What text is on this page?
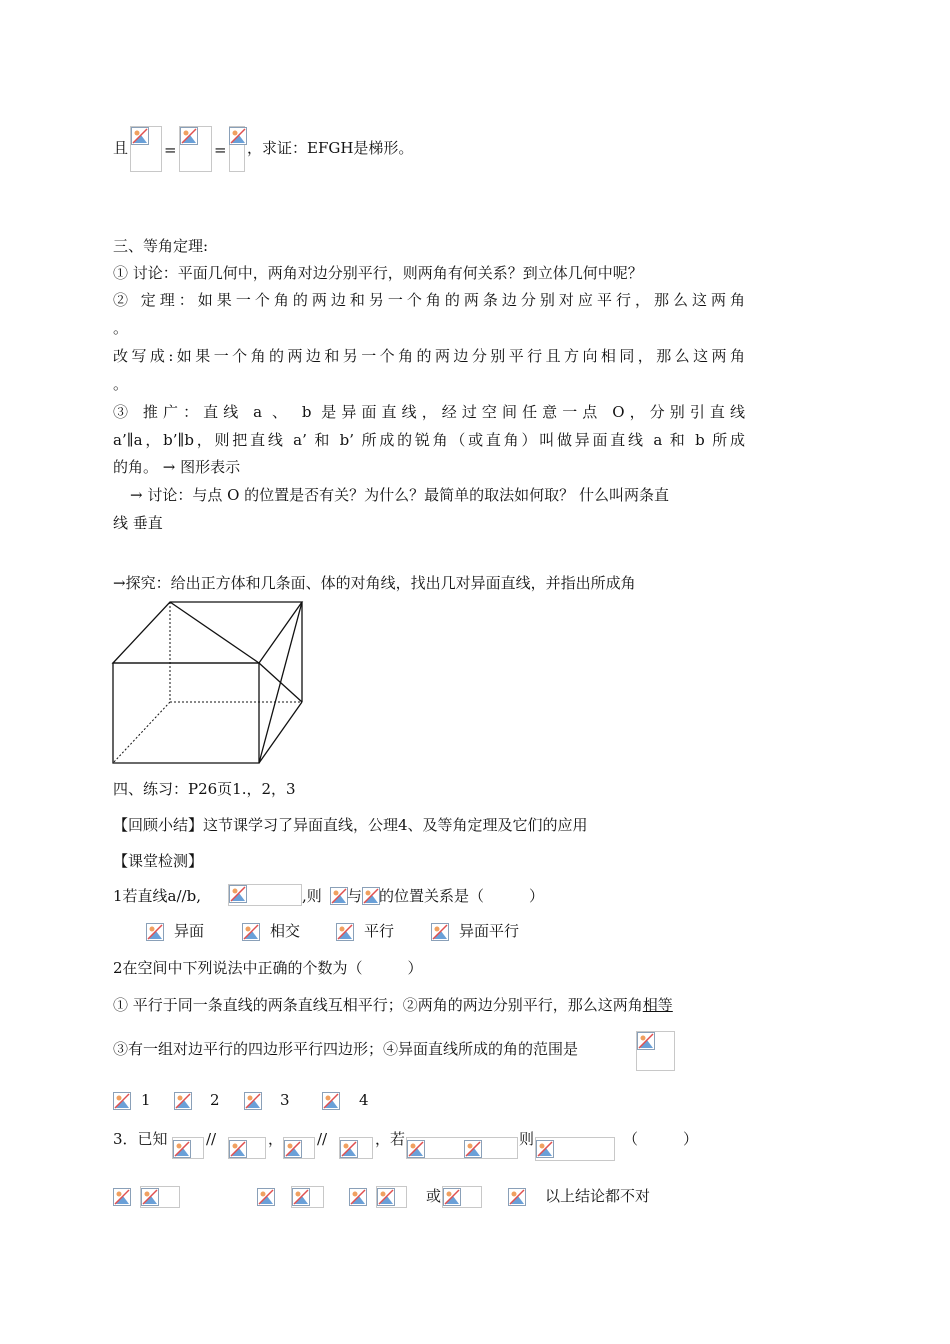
且 = = ，求证：EFGH是梯形。
三、等角定理:
① 讨论：平面几何中，两角对边分别平行，则两角有何关系？到立体几何中呢？
② 定理：如果一个角的两边和另一个角的两条边分别对应平行，那么这两角
。
改写成:如果一个角的两边和另一个角的两边分别平行且方向相同，那么这两角
。
③ 推广：直线 a 、 b 是异面直线，经过空间任意一点 O，分别引直线
a’∥a，b’∥b，则把直线 a’ 和 b’ 所成的锐角（或直角）叫做异面直线 a 和 b 所成
的角。 → 图形表示
→ 讨论：与点 O 的位置是否有关？为什么？最简单的取法如何取？ 什么叫两条直
线 垂直
→探究：给出正方体和几条面、体的对角线，找出几对异面直线，并指出所成角
四、练习：P26页1.，2，3
【回顾小结】这节课学习了异面直线，公理4、及等角定理及它们的应用
【课堂检测】
1若直线a//b,	,则 与 的位置关系是（　　　）
异面	相交	平行	异面平行
2在空间中下列说法中正确的个数为（　　　）
① 平行于同一条直线的两条直线互相平行；②两角的两边分别平行，那么这两角相等
③有一组对边平行的四边形平行四边形；④异面直线所成的角的范围是
1	2	3	4
3．已知	//	， //	，若	则	（　　　）
或	以上结论都不对
